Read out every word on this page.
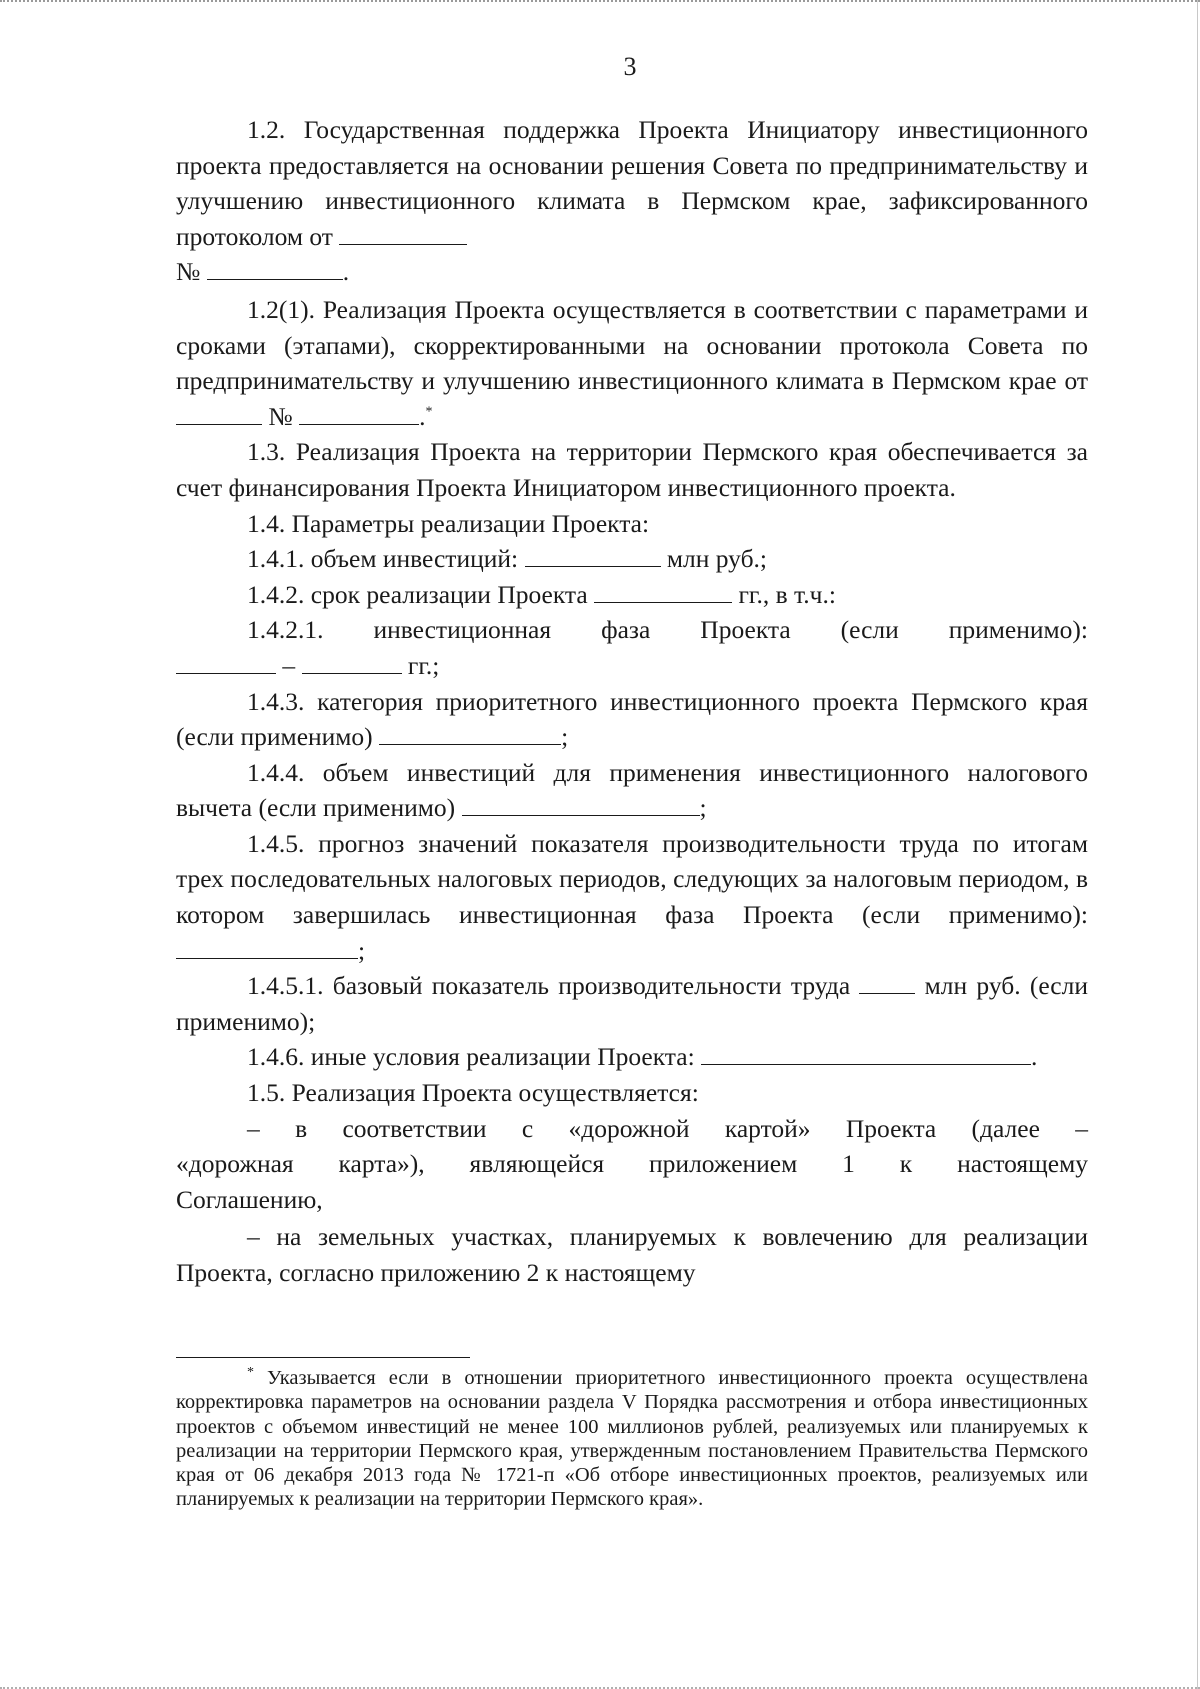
3

1.2. Государственная поддержка Проекта Инициатору инвестиционного проекта предоставляется на основании решения Совета по предпринимательству и улучшению инвестиционного климата в Пермском крае, зафиксированного протоколом от
№	.

1.2(1). Реализация Проекта осуществляется в соответствии с параметрами и сроками (этапами), скорректированными на основании протокола Совета по предпринимательству и улучшению инвестиционного климата в Пермском крае от  №	.*

1.3. Реализация Проекта на территории Пермского края обеспечивается за счет финансирования Проекта Инициатором инвестиционного проекта.

1.4. Параметры реализации Проекта:

1.4.1. объем инвестиций:	млн руб.;

1.4.2. срок реализации Проекта	гг., в т.ч.:

1.4.2.1. инвестиционная фаза Проекта (если применимо):

–	гг.;

1.4.3. категория приоритетного инвестиционного проекта Пермского края (если применимо)	;

1.4.4. объем инвестиций для применения инвестиционного налогового вычета (если применимо)	;

1.4.5. прогноз значений показателя производительности труда по итогам трех последовательных налоговых периодов, следующих за налоговым периодом, в котором завершилась инвестиционная фаза Проекта (если применимо): ;

1.4.5.1. базовый показатель производительности труда	млн руб. (если применимо);

1.4.6. иные условия реализации Проекта:	.

1.5. Реализация Проекта осуществляется:

– в соответствии с «дорожной картой» Проекта (далее – «дорожная карта»), являющейся приложением 1 к настоящему Соглашению,

– на земельных участках, планируемых к вовлечению для реализации Проекта, согласно приложению 2 к настоящему

* Указывается если в отношении приоритетного инвестиционного проекта осуществлена корректировка параметров на основании раздела V Порядка рассмотрения и отбора инвестиционных проектов с объемом инвестиций не менее 100 миллионов рублей, реализуемых или планируемых к реализации на территории Пермского края, утвержденным постановлением Правительства Пермского края от 06 декабря 2013 года № 1721-п «Об отборе инвестиционных проектов, реализуемых или планируемых к реализации на территории Пермского края».
